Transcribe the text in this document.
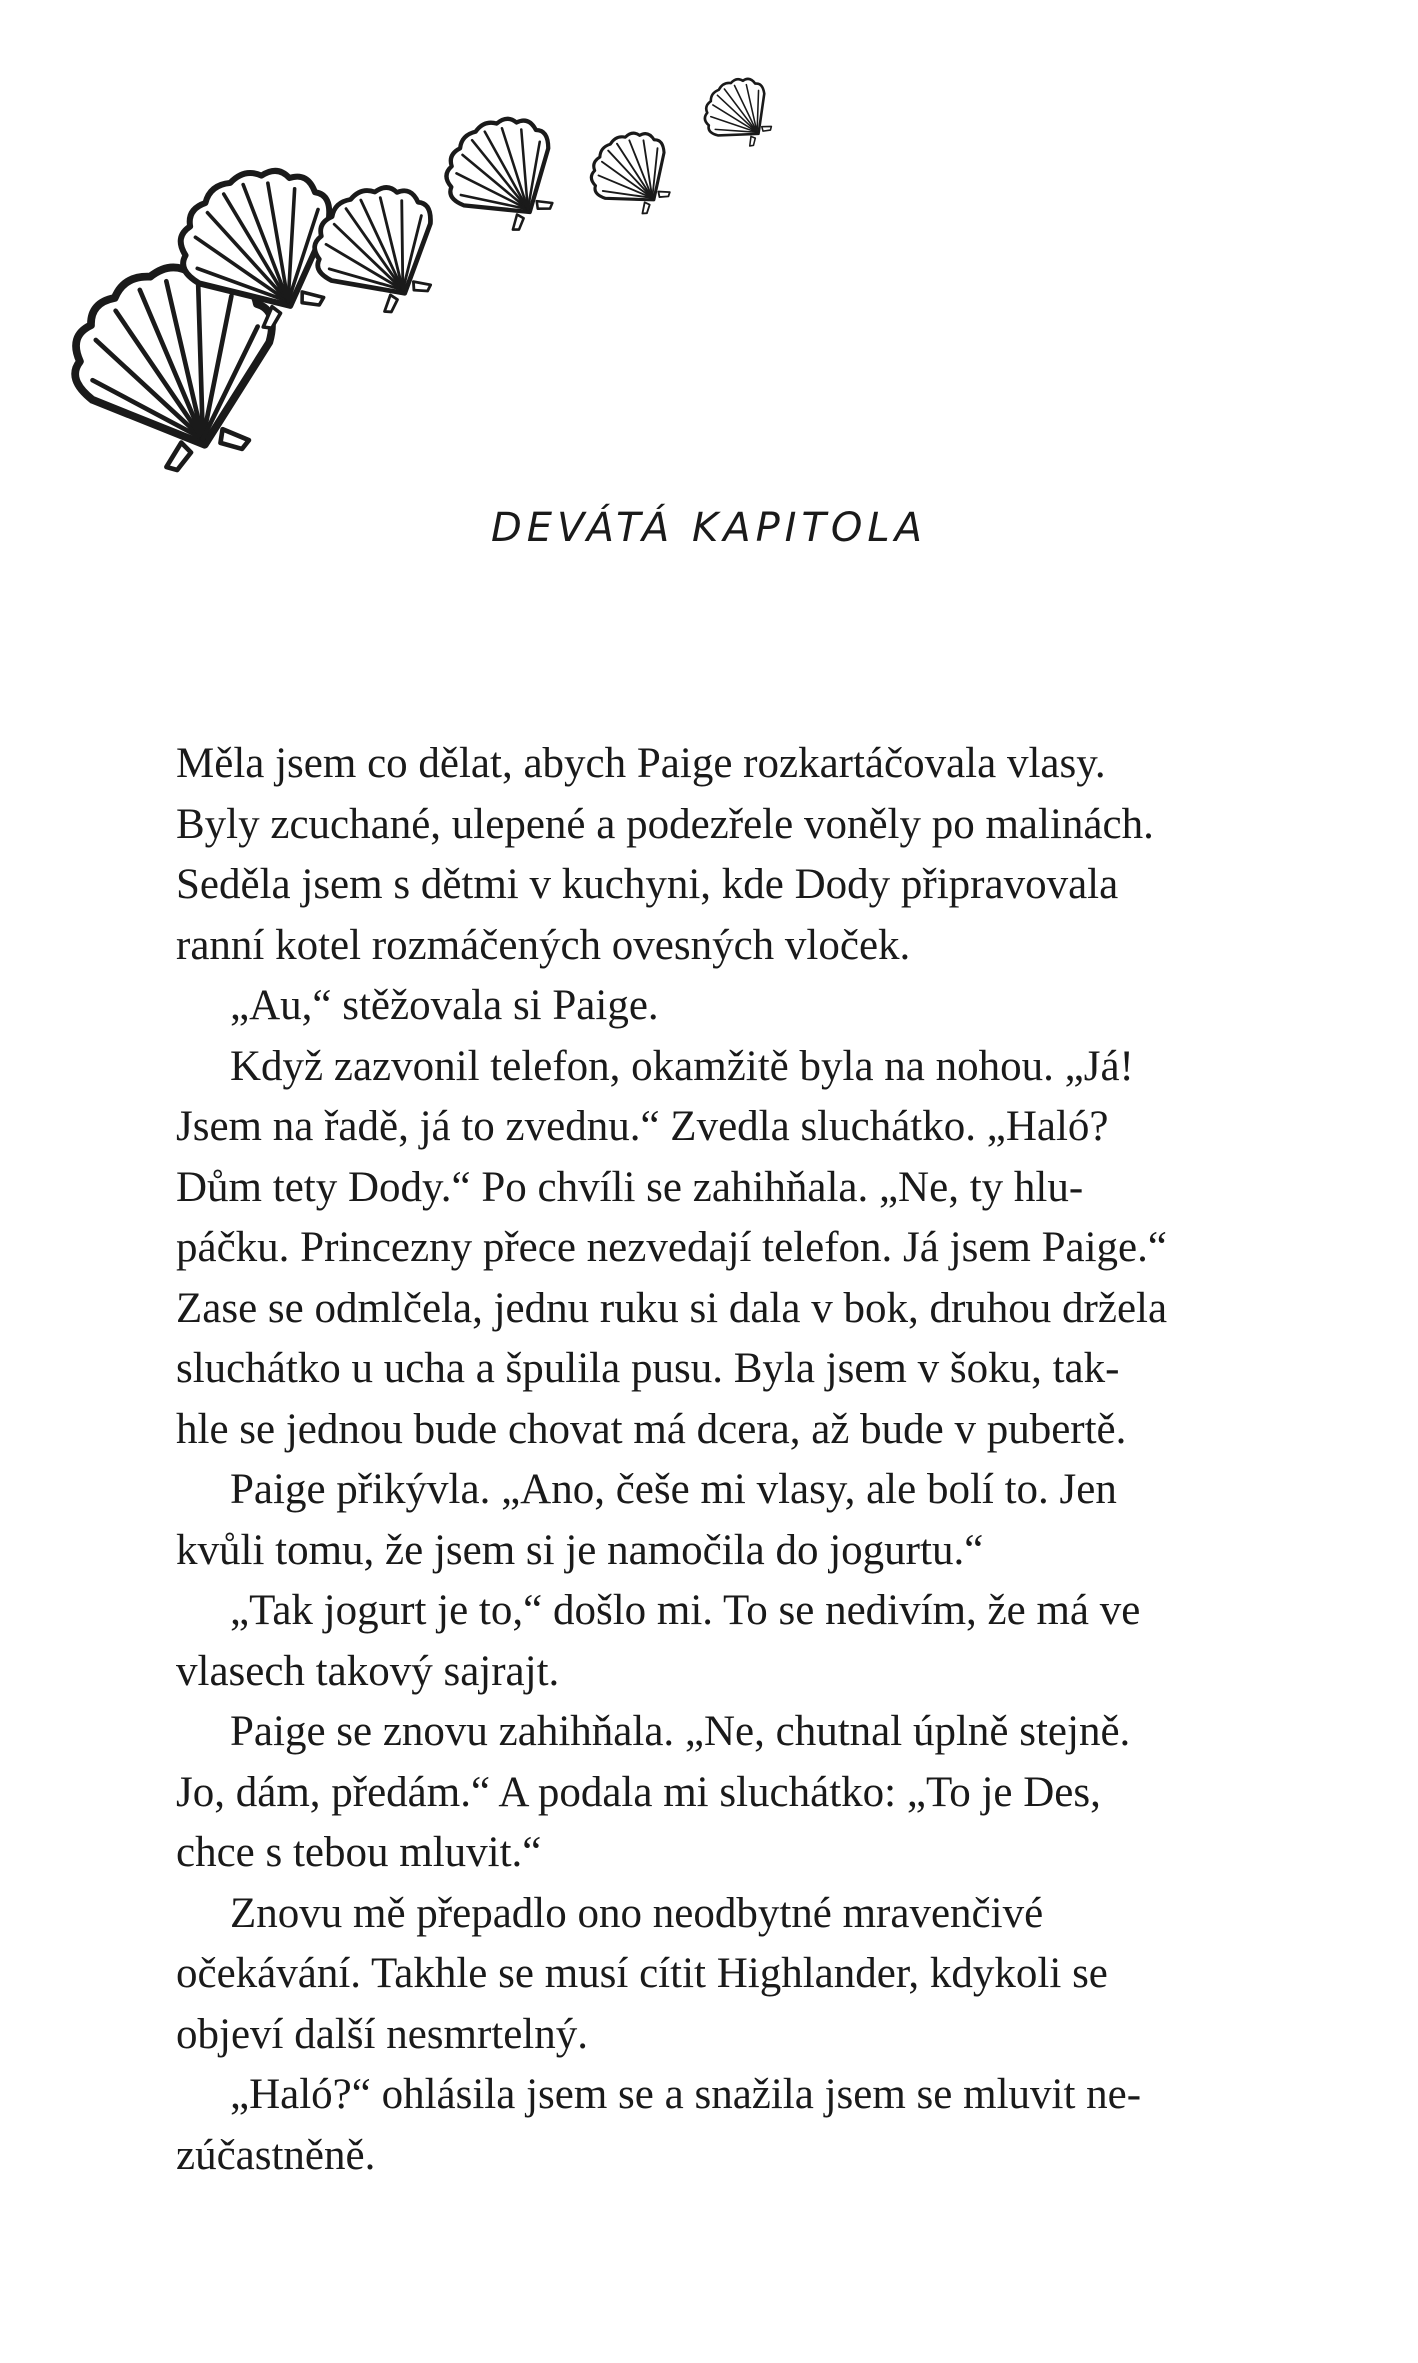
DEVÁTÁ KAPITOLA

Měla jsem co dělat, abych Paige rozkartáčovala vlasy.
Byly zcuchané, ulepené a podezřele voněly po malinách.
Seděla jsem s dětmi v kuchyni, kde Dody připravovala
ranní kotel rozmáčených ovesných vloček.

„Au,“ stěžovala si Paige.

Když zazvonil telefon, okamžitě byla na nohou. „Já!
Jsem na řadě, já to zvednu.“ Zvedla sluchátko. „Haló?
Dům tety Dody.“ Po chvíli se zahihňala. „Ne, ty hlu-
páčku. Princezny přece nezvedají telefon. Já jsem Paige.“
Zase se odmlčela, jednu ruku si dala v bok, druhou držela
sluchátko u ucha a špulila pusu. Byla jsem v šoku, tak-
hle se jednou bude chovat má dcera, až bude v pubertě.

Paige přikývla. „Ano, češe mi vlasy, ale bolí to. Jen
kvůli tomu, že jsem si je namočila do jogurtu.“

„Tak jogurt je to,“ došlo mi. To se nedivím, že má ve
vlasech takový sajrajt.

Paige se znovu zahihňala. „Ne, chutnal úplně stejně.
Jo, dám, předám.“ A podala mi sluchátko: „To je Des,
chce s tebou mluvit.“

Znovu mě přepadlo ono neodbytné mravenčivé
očekávání. Takhle se musí cítit Highlander, kdykoli se
objeví další nesmrtelný.

„Haló?“ ohlásila jsem se a snažila jsem se mluvit ne-
zúčastněně.
